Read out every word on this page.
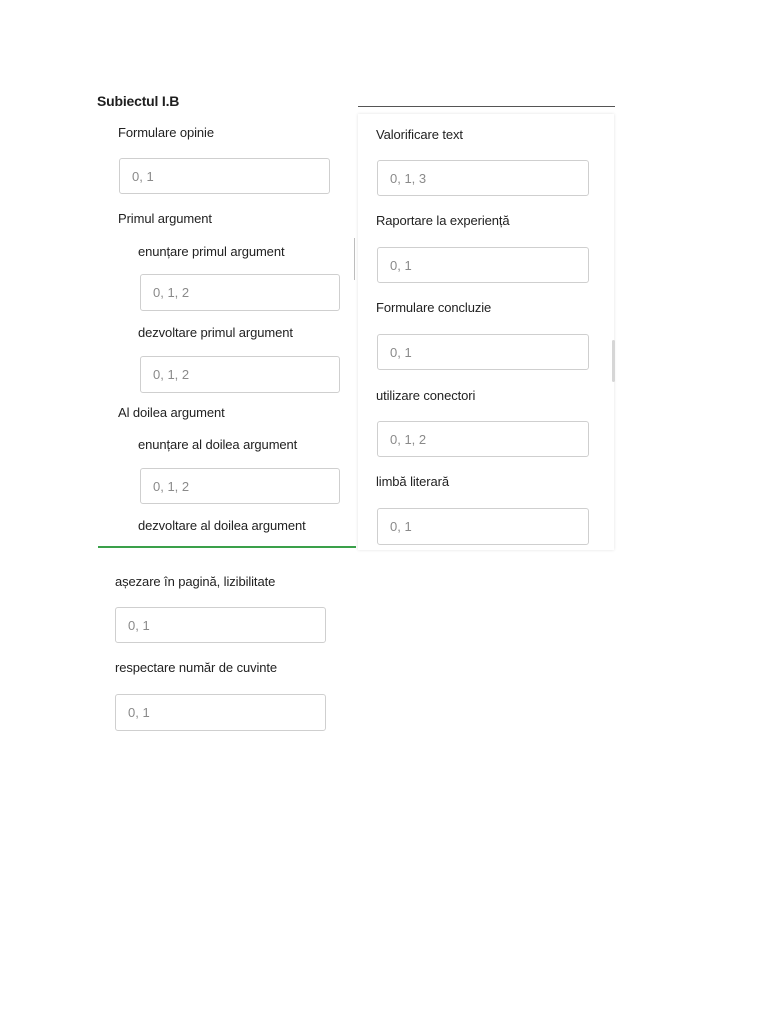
Subiectul I.B
Formulare opinie
0, 1
Primul argument
enunțare primul argument
0, 1, 2
dezvoltare primul argument
0, 1, 2
Al doilea argument
enunțare al doilea argument
0, 1, 2
dezvoltare al doilea argument
Valorificare text
0, 1, 3
Raportare la experiență
0, 1
Formulare concluzie
0, 1
utilizare conectori
0, 1, 2
limbă literară
0, 1
așezare în pagină, lizibilitate
0, 1
respectare număr de cuvinte
0, 1
